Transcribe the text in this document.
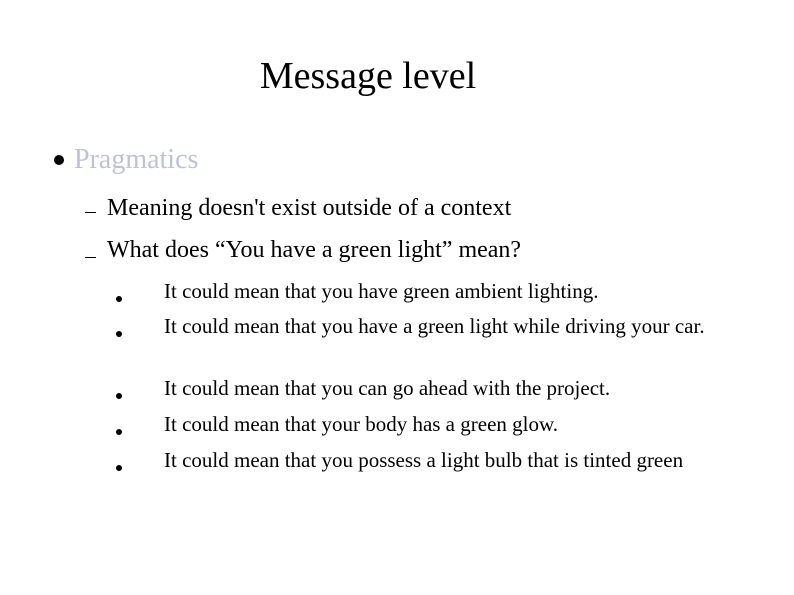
Message level
Pragmatics
Meaning doesn't exist outside of a context
What does “You have a green light” mean?
It could mean that you have green ambient lighting.
It could mean that you have a green light while driving your car.
It could mean that you can go ahead with the project.
It could mean that your body has a green glow.
It could mean that you possess a light bulb that is tinted green
